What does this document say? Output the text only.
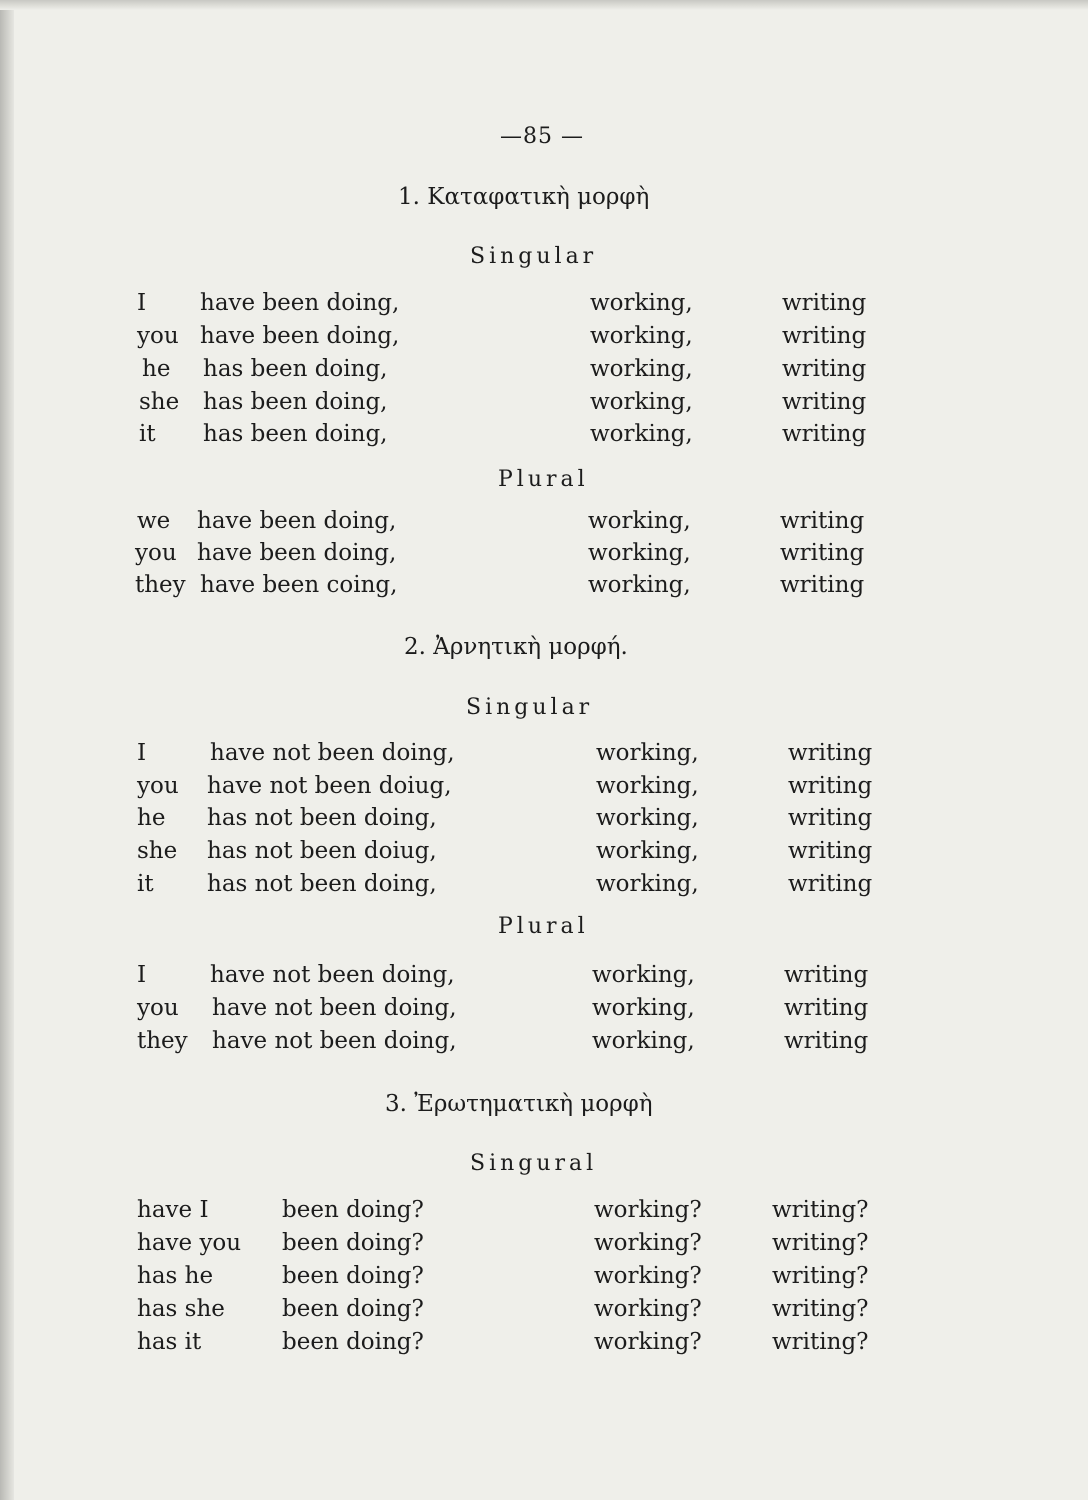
—85 —
1. Καταφατικὴ μορφὴ
Singular
I have been doing,	working,	writing
you have been doing,	working,	writing
he has been doing,	working,	writing
she has been doing,	working,	writing
it has been doing,	working,	writing
Plural
we have been doing,	working,	writing
you have been doing,	working,	writing
they have been coing,	working,	writing
2. Ἀρνητικὴ μορφή.
Singular
I	have not been doing,	working,	writing
you have not been doiug,	working,	writing
he has not been doing,	working,	writing
she has not been doiug,	working,	writing
it has not been doing,	working,	writing
Plural
I	have not been doing,	working,	writing
you have not been doing,	working,	writing
they have not been doing,	working,	writing
3. Ἐρωτηματικὴ μορφὴ
Singural
have I	been doing?	working?	writing?
have you been doing?	working?	writing?
has he	been doing?	working?	writing?
has she been doing?	working?	writing?
has it	been doing?	working?	writing?
